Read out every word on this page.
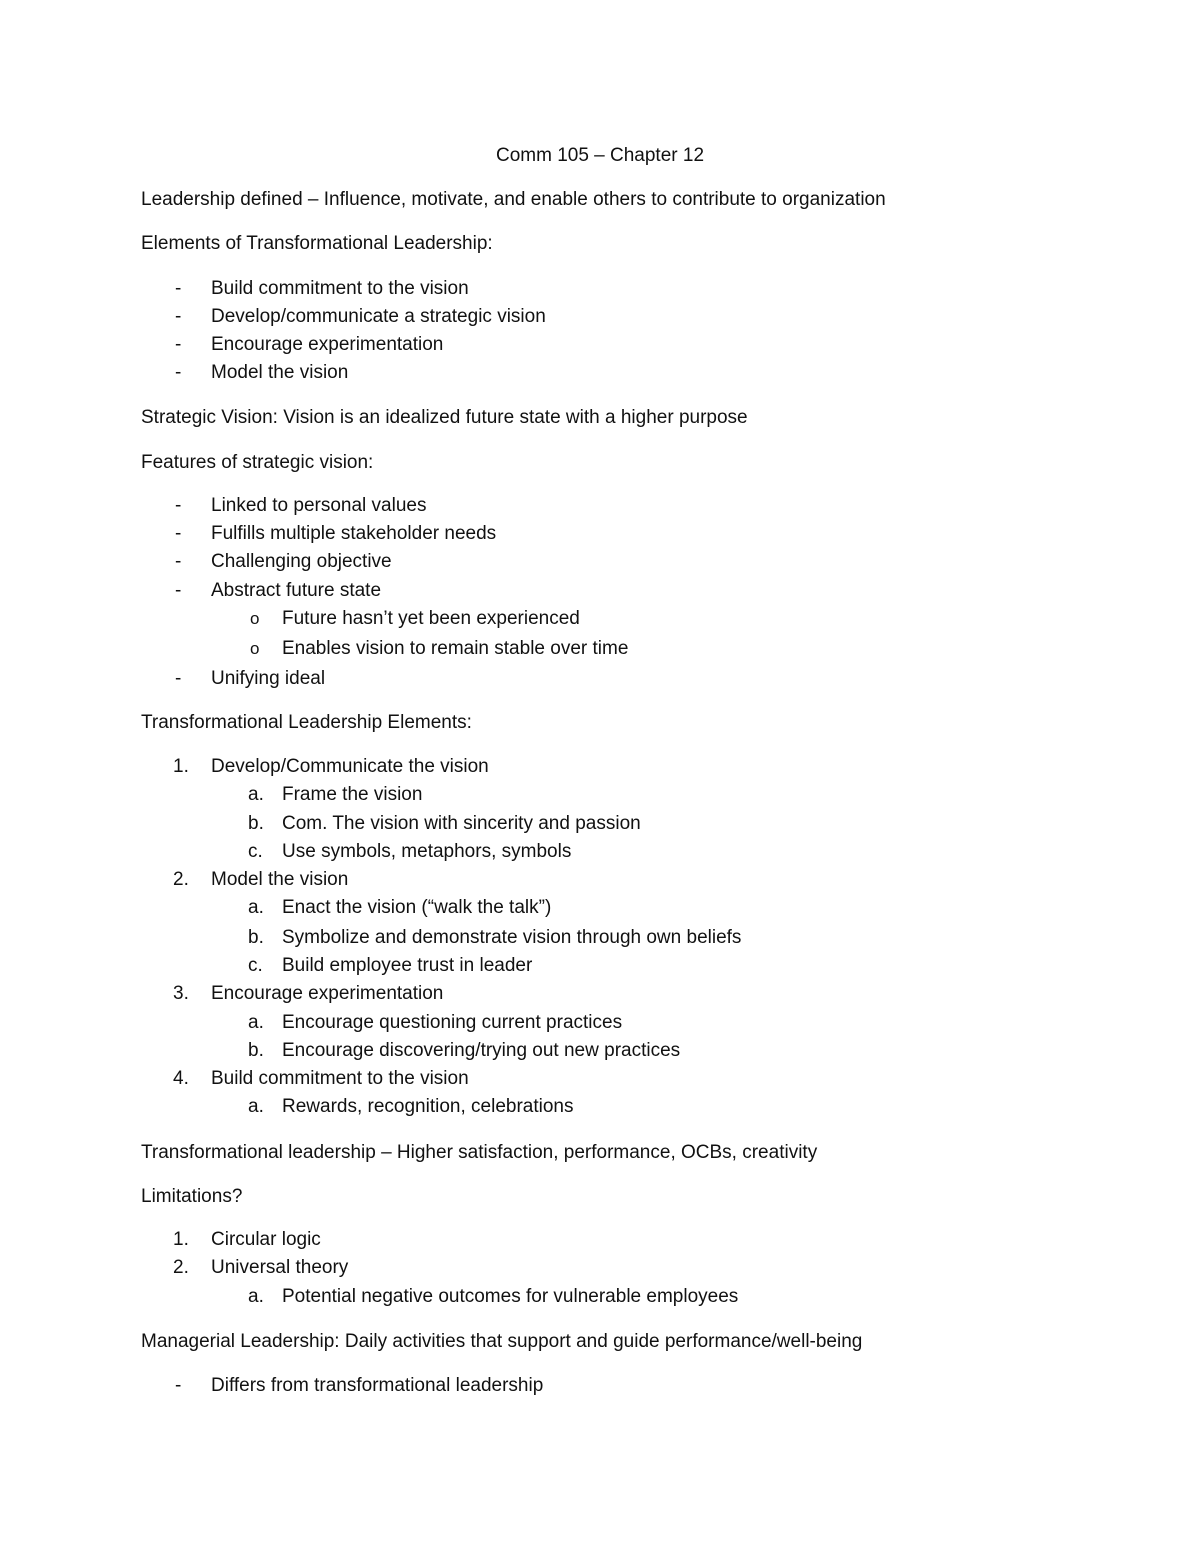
Comm 105 – Chapter 12
Leadership defined – Influence, motivate, and enable others to contribute to organization
Elements of Transformational Leadership:
- Build commitment to the vision
- Develop/communicate a strategic vision
- Encourage experimentation
- Model the vision
Strategic Vision: Vision is an idealized future state with a higher purpose
Features of strategic vision:
- Linked to personal values
- Fulfills multiple stakeholder needs
- Challenging objective
- Abstract future state
o Future hasn’t yet been experienced
o Enables vision to remain stable over time
- Unifying ideal
Transformational Leadership Elements:
1. Develop/Communicate the vision
a. Frame the vision
b. Com. The vision with sincerity and passion
c. Use symbols, metaphors, symbols
2. Model the vision
a. Enact the vision (“walk the talk”)
b. Symbolize and demonstrate vision through own beliefs
c. Build employee trust in leader
3. Encourage experimentation
a. Encourage questioning current practices
b. Encourage discovering/trying out new practices
4. Build commitment to the vision
a. Rewards, recognition, celebrations
Transformational leadership – Higher satisfaction, performance, OCBs, creativity
Limitations?
1. Circular logic
2. Universal theory
a. Potential negative outcomes for vulnerable employees
Managerial Leadership: Daily activities that support and guide performance/well-being
- Differs from transformational leadership
